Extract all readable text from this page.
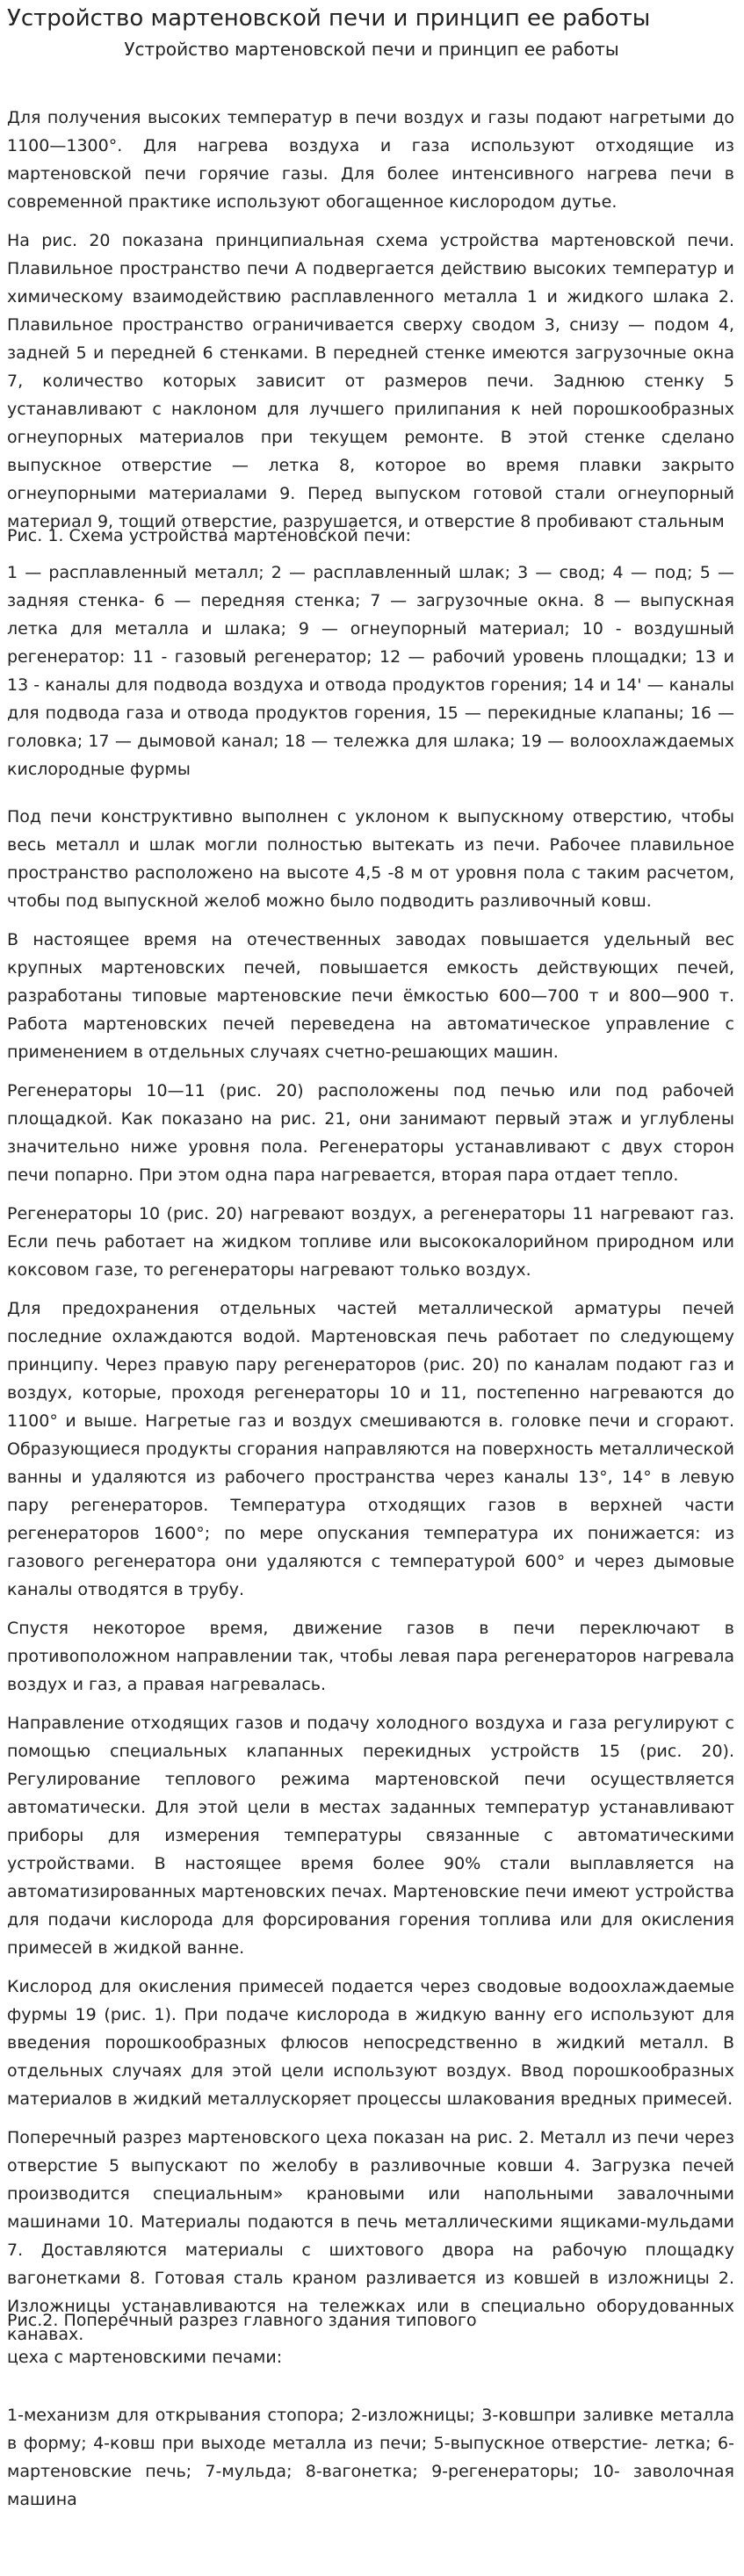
Устройство мартеновской печи и принцип ее работы
Устройство мартеновской печи и принцип ее работы

Для получения высоких температур в печи воздух и газы подают нагретыми до 1100—1300°. Для нагрева воздуха и газа используют отходящие из мартеновской печи горячие газы. Для более интенсивного нагрева печи в современной практике используют обогащенное кислородом дутье.

На рис. 20 показана принципиальная схема устройства мартеновской печи. Плавильное пространство печи А подвергается действию высоких температур и химическому взаимодействию расплавленного металла 1 и жидкого шлака 2. Плавильное пространство ограничивается сверху сводом 3, снизу — подом 4, задней 5 и передней 6 стенками. В передней стенке имеются загрузочные окна 7, количество которых зависит от размеров печи. Заднюю стенку 5 устанавливают с наклоном для лучшего прилипания к ней порошкообразных огнеупорных материалов при текущем ремонте. В этой стенке сделано выпускное отверстие — летка 8, которое во время плавки закрыто огнеупорными материалами 9. Перед выпуском готовой стали огнеупорный материал 9, тощий отверстие, разрушается, и отверстие 8 пробивают стальным

Рис. 1. Схема устройства мартеновской печи:

1 — расплавленный металл; 2 — расплавленный шлак; 3 — свод; 4 — под; 5 — задняя стенка- 6 — передняя стенка; 7 — загрузочные окна. 8 — выпускная летка для металла и шлака; 9 — огнеупорный материал; 10 - воздушный регенератор: 11 - газовый регенератор; 12 — рабочий уровень площадки; 13 и 13 - каналы для подвода воздуха и отвода продуктов горения; 14 и 14' — каналы для подвода газа и отвода продуктов горения, 15 — перекидные клапаны; 16 — головка; 17 — дымовой канал; 18 — тележка для шлака; 19 — волоохлаждаемых кислородные фурмы

Под печи конструктивно выполнен с уклоном к выпускному отверстию, чтобы весь металл и шлак могли полностью вытекать из печи. Рабочее плавильное пространство расположено на высоте 4,5 -8 м от уровня пола с таким расчетом, чтобы под выпускной желоб можно было подводить разливочный ковш.

В настоящее время на отечественных заводах повышается удельный вес крупных мартеновских печей, повышается емкость действующих печей, разработаны типовые мартеновские печи ёмкостью 600—700 т и 800—900 т. Работа мартеновских печей переведена на автоматическое управление с применением в отдельных случаях счетно-решающих машин.

Регенераторы 10—11 (рис. 20) расположены под печью или под рабочей площадкой. Как показано на рис. 21, они занимают первый этаж и углублены значительно ниже уровня пола. Регенераторы устанавливают с двух сторон печи попарно. При этом одна пара нагревается, вторая пара отдает тепло.

Регенераторы 10 (рис. 20) нагревают воздух, а регенераторы 11 нагревают газ. Если печь работает на жидком топливе или высококалорийном природном или коксовом газе, то регенераторы нагревают только воздух.

Для предохранения отдельных частей металлической арматуры печей последние охлаждаются водой. Мартеновская печь работает по следующему принципу. Через правую пару регенераторов (рис. 20) по каналам подают газ и воздух, которые, проходя регенераторы 10 и 11, постепенно нагреваются до 1100° и выше. Нагретые газ и воздух смешиваются в. головке печи и сгорают. Образующиеся продукты сгорания направляются на поверхность металлической ванны и удаляются из рабочего пространства через каналы 13°, 14° в левую пару регенераторов. Температура отходящих газов в верхней части регенераторов 1600°; по мере опускания температура их понижается: из газового регенератора они удаляются с температурой 600° и через дымовые каналы отводятся в трубу.

Спустя некоторое время, движение газов в печи переключают в противоположном направлении так, чтобы левая пара регенераторов нагревала воздух и газ, а правая нагревалась.

Направление отходящих газов и подачу холодного воздуха и газа регулируют с помощью специальных клапанных перекидных устройств 15 (рис. 20). Регулирование теплового режима мартеновской печи осуществляется автоматически. Для этой цели в местах заданных температур устанавливают приборы для измерения температуры связанные с автоматическими устройствами. В настоящее время более 90% стали выплавляется на автоматизированных мартеновских печах. Мартеновские печи имеют устройства для подачи кислорода для форсирования горения топлива или для окисления примесей в жидкой ванне.

Кислород для окисления примесей подается через сводовые водоохлаждаемые фурмы 19 (рис. 1). При подаче кислорода в жидкую ванну его используют для введения порошкообразных флюсов непосредственно в жидкий металл. В отдельных случаях для этой цели используют воздух. Ввод порошкообразных материалов в жидкий металлускоряет процессы шлакования вредных примесей.

Поперечный разрез мартеновского цеха показан на рис. 2. Металл из печи через отверстие 5 выпускают по желобу в разливочные ковши 4. Загрузка печей производится специальным» крановыми или напольными завалочными машинами 10. Материалы подаются в печь металлическими ящиками-мульдами 7. Доставляются материалы с шихтового двора на рабочую площадку вагонетками 8. Готовая сталь краном разливается из ковшей в изложницы 2. Изложницы устанавливаются на тележках или в специально оборудованных канавах.

Рис.2. Поперечный разрез главного здания типового

цеха с мартеновскими печами:

1-механизм для открывания стопора; 2-изложницы; 3-ковшпри заливке металла в форму; 4-ковш при выходе металла из печи; 5-выпускное отверстие- летка; 6-мартеновские печь; 7-мульда; 8-вагонетка; 9-регенераторы; 10- заволочная машина
